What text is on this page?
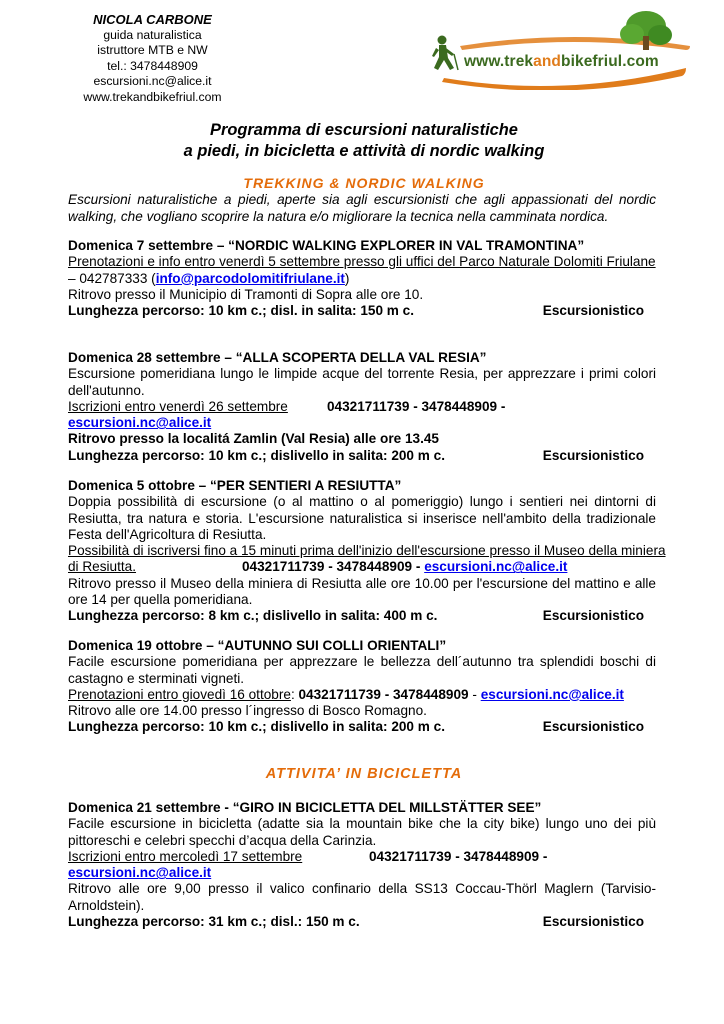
NICOLA CARBONE
guida naturalistica
istruttore MTB e NW
tel.: 3478448909
escursioni.nc@alice.it
www.trekandbikefriul.com
www.trekandbikefriul.com
Programma di escursioni naturalistiche
a piedi, in bicicletta e attività di nordic walking
TREKKING & NORDIC WALKING
Escursioni naturalistiche a piedi, aperte sia agli escursionisti che agli appassionati del nordic walking, che vogliano scoprire la natura e/o migliorare la tecnica nella camminata nordica.
Domenica 7 settembre – “NORDIC WALKING EXPLORER IN VAL TRAMONTINA”
Prenotazioni e info entro venerdì 5 settembre presso gli uffici del Parco Naturale Dolomiti Friulane
– 042787333 (info@parcodolomitifriulane.it)
Ritrovo presso il Municipio di Tramonti di Sopra alle ore 10.
Lunghezza percorso: 10 km c.; disl. in salita: 150 m c.	Escursionistico
Domenica 28 settembre – “ALLA SCOPERTA DELLA VAL RESIA”
Escursione pomeridiana lungo le limpide acque del torrente Resia, per apprezzare i primi colori
dell'autunno.
Iscrizioni entro venerdì 26 settembre	04321711739 - 3478448909 -
escursioni.nc@alice.it
Ritrovo presso la localitá Zamlin (Val Resia) alle ore 13.45
Lunghezza percorso: 10 km c.; dislivello in salita: 200 m c.	Escursionistico
Domenica 5 ottobre – “PER SENTIERI A RESIUTTA”
Doppia possibilità di escursione (o al mattino o al pomeriggio) lungo i sentieri nei dintorni di
Resiutta, tra natura e storia. L'escursione naturalistica si inserisce nell'ambito della tradizionale
Festa dell'Agricoltura di Resiutta.
Possibilità di iscriversi fino a 15 minuti prima dell'inizio dell'escursione presso il Museo della miniera
di Resiutta.	04321711739 - 3478448909 - escursioni.nc@alice.it
Ritrovo presso il Museo della miniera di Resiutta alle ore 10.00 per l'escursione del mattino e alle
ore 14 per quella pomeridiana.
Lunghezza percorso: 8 km c.; dislivello in salita: 400 m c.	Escursionistico
Domenica 19 ottobre – “AUTUNNO SUI COLLI ORIENTALI”
Facile escursione pomeridiana per apprezzare le bellezza dell´autunno tra splendidi boschi di
castagno e sterminati vigneti.
Prenotazioni entro giovedì 16 ottobre: 04321711739 - 3478448909 - escursioni.nc@alice.it
Ritrovo alle ore 14.00 presso l´ingresso di Bosco Romagno.
Lunghezza percorso: 10 km c.; dislivello in salita: 200 m c.	Escursionistico
ATTIVITA’ IN BICICLETTA
Domenica 21 settembre - “GIRO IN BICICLETTA DEL MILLSTÄTTER SEE”
Facile escursione in bicicletta (adatte sia la mountain bike che la city bike) lungo uno dei più
pittoreschi e celebri specchi d’acqua della Carinzia.
Iscrizioni entro mercoledì 17 settembre	04321711739 - 3478448909 -
escursioni.nc@alice.it
Ritrovo alle ore 9,00 presso il valico confinario della SS13 Coccau-Thörl Maglern (Tarvisio-
Arnoldstein).
Lunghezza percorso: 31 km c.; disl.: 150 m c.	Escursionistico
